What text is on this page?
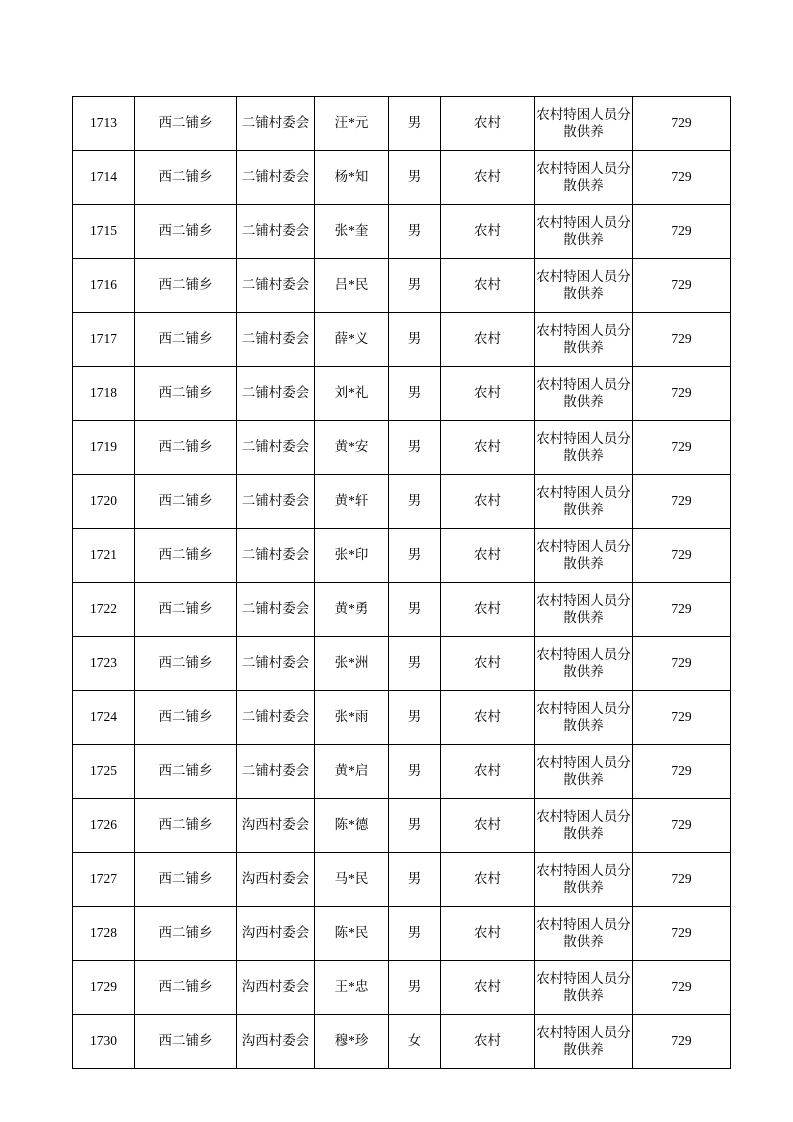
1713	西二铺乡	二铺村委会	汪*元	男	农村	农村特困人员分散供养	729
1714	西二铺乡	二铺村委会	杨*知	男	农村	农村特困人员分散供养	729
1715	西二铺乡	二铺村委会	张*奎	男	农村	农村特困人员分散供养	729
1716	西二铺乡	二铺村委会	吕*民	男	农村	农村特困人员分散供养	729
1717	西二铺乡	二铺村委会	薛*义	男	农村	农村特困人员分散供养	729
1718	西二铺乡	二铺村委会	刘*礼	男	农村	农村特困人员分散供养	729
1719	西二铺乡	二铺村委会	黄*安	男	农村	农村特困人员分散供养	729
1720	西二铺乡	二铺村委会	黄*轩	男	农村	农村特困人员分散供养	729
1721	西二铺乡	二铺村委会	张*印	男	农村	农村特困人员分散供养	729
1722	西二铺乡	二铺村委会	黄*勇	男	农村	农村特困人员分散供养	729
1723	西二铺乡	二铺村委会	张*洲	男	农村	农村特困人员分散供养	729
1724	西二铺乡	二铺村委会	张*雨	男	农村	农村特困人员分散供养	729
1725	西二铺乡	二铺村委会	黄*启	男	农村	农村特困人员分散供养	729
1726	西二铺乡	沟西村委会	陈*德	男	农村	农村特困人员分散供养	729
1727	西二铺乡	沟西村委会	马*民	男	农村	农村特困人员分散供养	729
1728	西二铺乡	沟西村委会	陈*民	男	农村	农村特困人员分散供养	729
1729	西二铺乡	沟西村委会	王*忠	男	农村	农村特困人员分散供养	729
1730	西二铺乡	沟西村委会	穆*珍	女	农村	农村特困人员分散供养	729
